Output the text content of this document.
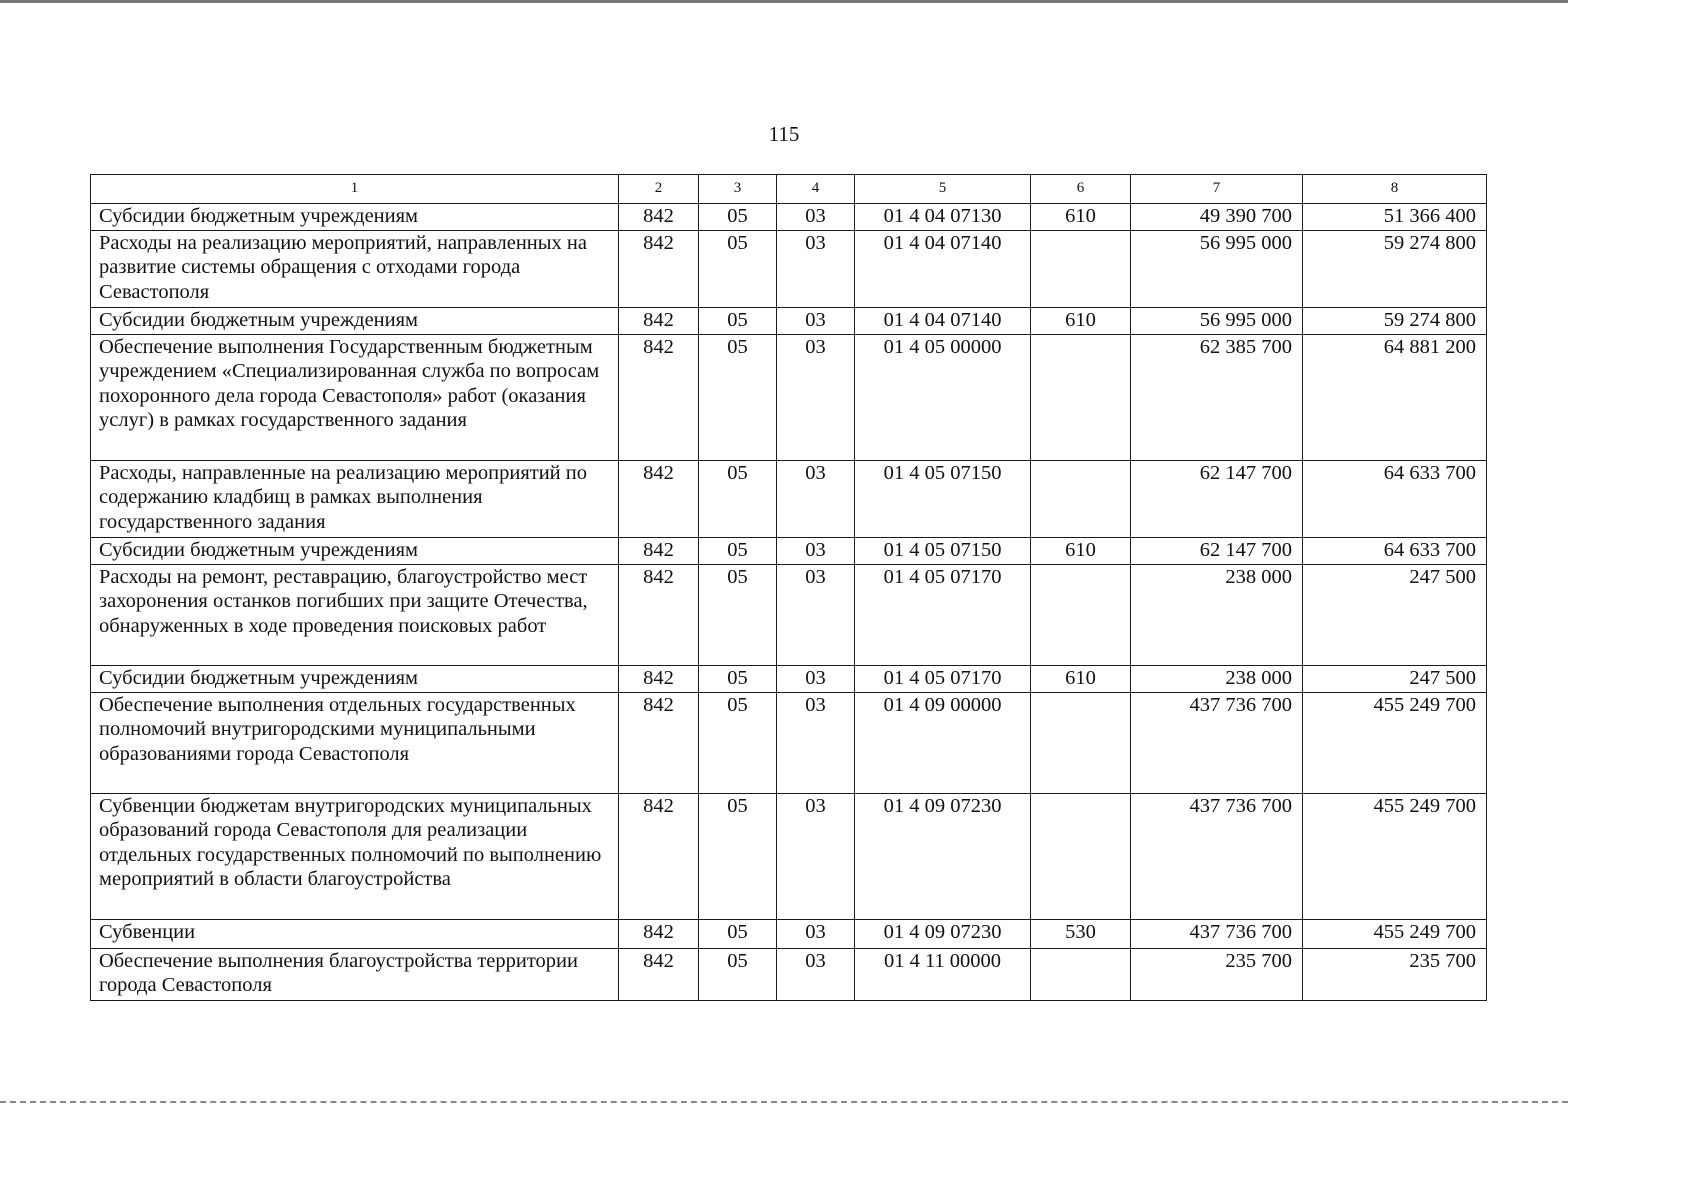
115
1	2	3	4	5	6	7	8
Субсидии бюджетным учреждениям	842	05	03	01 4 04 07130	610	49 390 700	51 366 400
Расходы на реализацию мероприятий, направленных на развитие системы обращения с отходами города Севастополя	842	05	03	01 4 04 07140		56 995 000	59 274 800
Субсидии бюджетным учреждениям	842	05	03	01 4 04 07140	610	56 995 000	59 274 800
Обеспечение выполнения Государственным бюджетным учреждением «Специализированная служба по вопросам похоронного дела города Севастополя» работ (оказания услуг) в рамках государственного задания	842	05	03	01 4 05 00000		62 385 700	64 881 200
Расходы, направленные на реализацию мероприятий по содержанию кладбищ в рамках выполнения государственного задания	842	05	03	01 4 05 07150		62 147 700	64 633 700
Субсидии бюджетным учреждениям	842	05	03	01 4 05 07150	610	62 147 700	64 633 700
Расходы на ремонт, реставрацию, благоустройство мест захоронения останков погибших при защите Отечества, обнаруженных в ходе проведения поисковых работ	842	05	03	01 4 05 07170		238 000	247 500
Субсидии бюджетным учреждениям	842	05	03	01 4 05 07170	610	238 000	247 500
Обеспечение выполнения отдельных государственных полномочий внутригородскими муниципальными образованиями города Севастополя	842	05	03	01 4 09 00000		437 736 700	455 249 700
Субвенции бюджетам внутригородских муниципальных образований города Севастополя для реализации отдельных государственных полномочий по выполнению мероприятий в области благоустройства	842	05	03	01 4 09 07230		437 736 700	455 249 700
Субвенции	842	05	03	01 4 09 07230	530	437 736 700	455 249 700
Обеспечение выполнения благоустройства территории города Севастополя	842	05	03	01 4 11 00000		235 700	235 700
